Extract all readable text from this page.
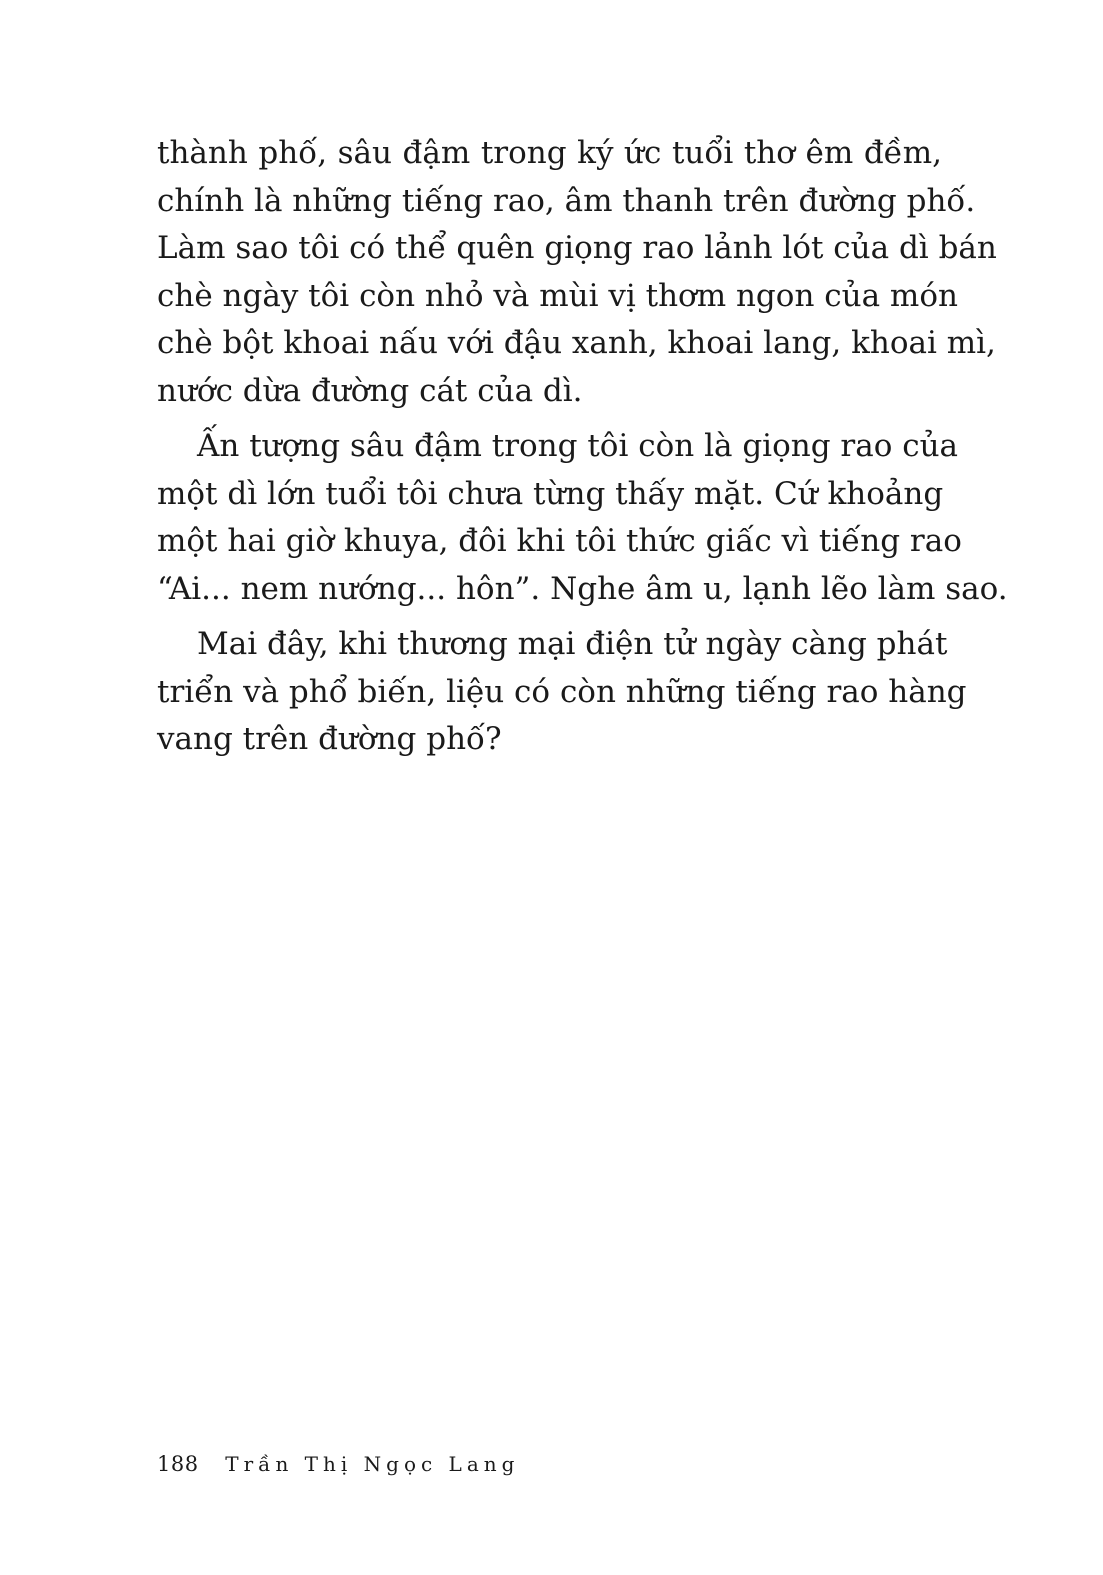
thành phố, sâu đậm trong ký ức tuổi thơ êm đềm,
chính là những tiếng rao, âm thanh trên đường phố.
Làm sao tôi có thể quên giọng rao lảnh lót của dì bán
chè ngày tôi còn nhỏ và mùi vị thơm ngon của món
chè bột khoai nấu với đậu xanh, khoai lang, khoai mì,
nước dừa đường cát của dì.

Ấn tượng sâu đậm trong tôi còn là giọng rao của
một dì lớn tuổi tôi chưa từng thấy mặt. Cứ khoảng
một hai giờ khuya, đôi khi tôi thức giấc vì tiếng rao
“Ai... nem nướng... hôn”. Nghe âm u, lạnh lẽo làm sao.

Mai đây, khi thương mại điện tử ngày càng phát
triển và phổ biến, liệu có còn những tiếng rao hàng
vang trên đường phố?

188 Trần Thị Ngọc Lang
